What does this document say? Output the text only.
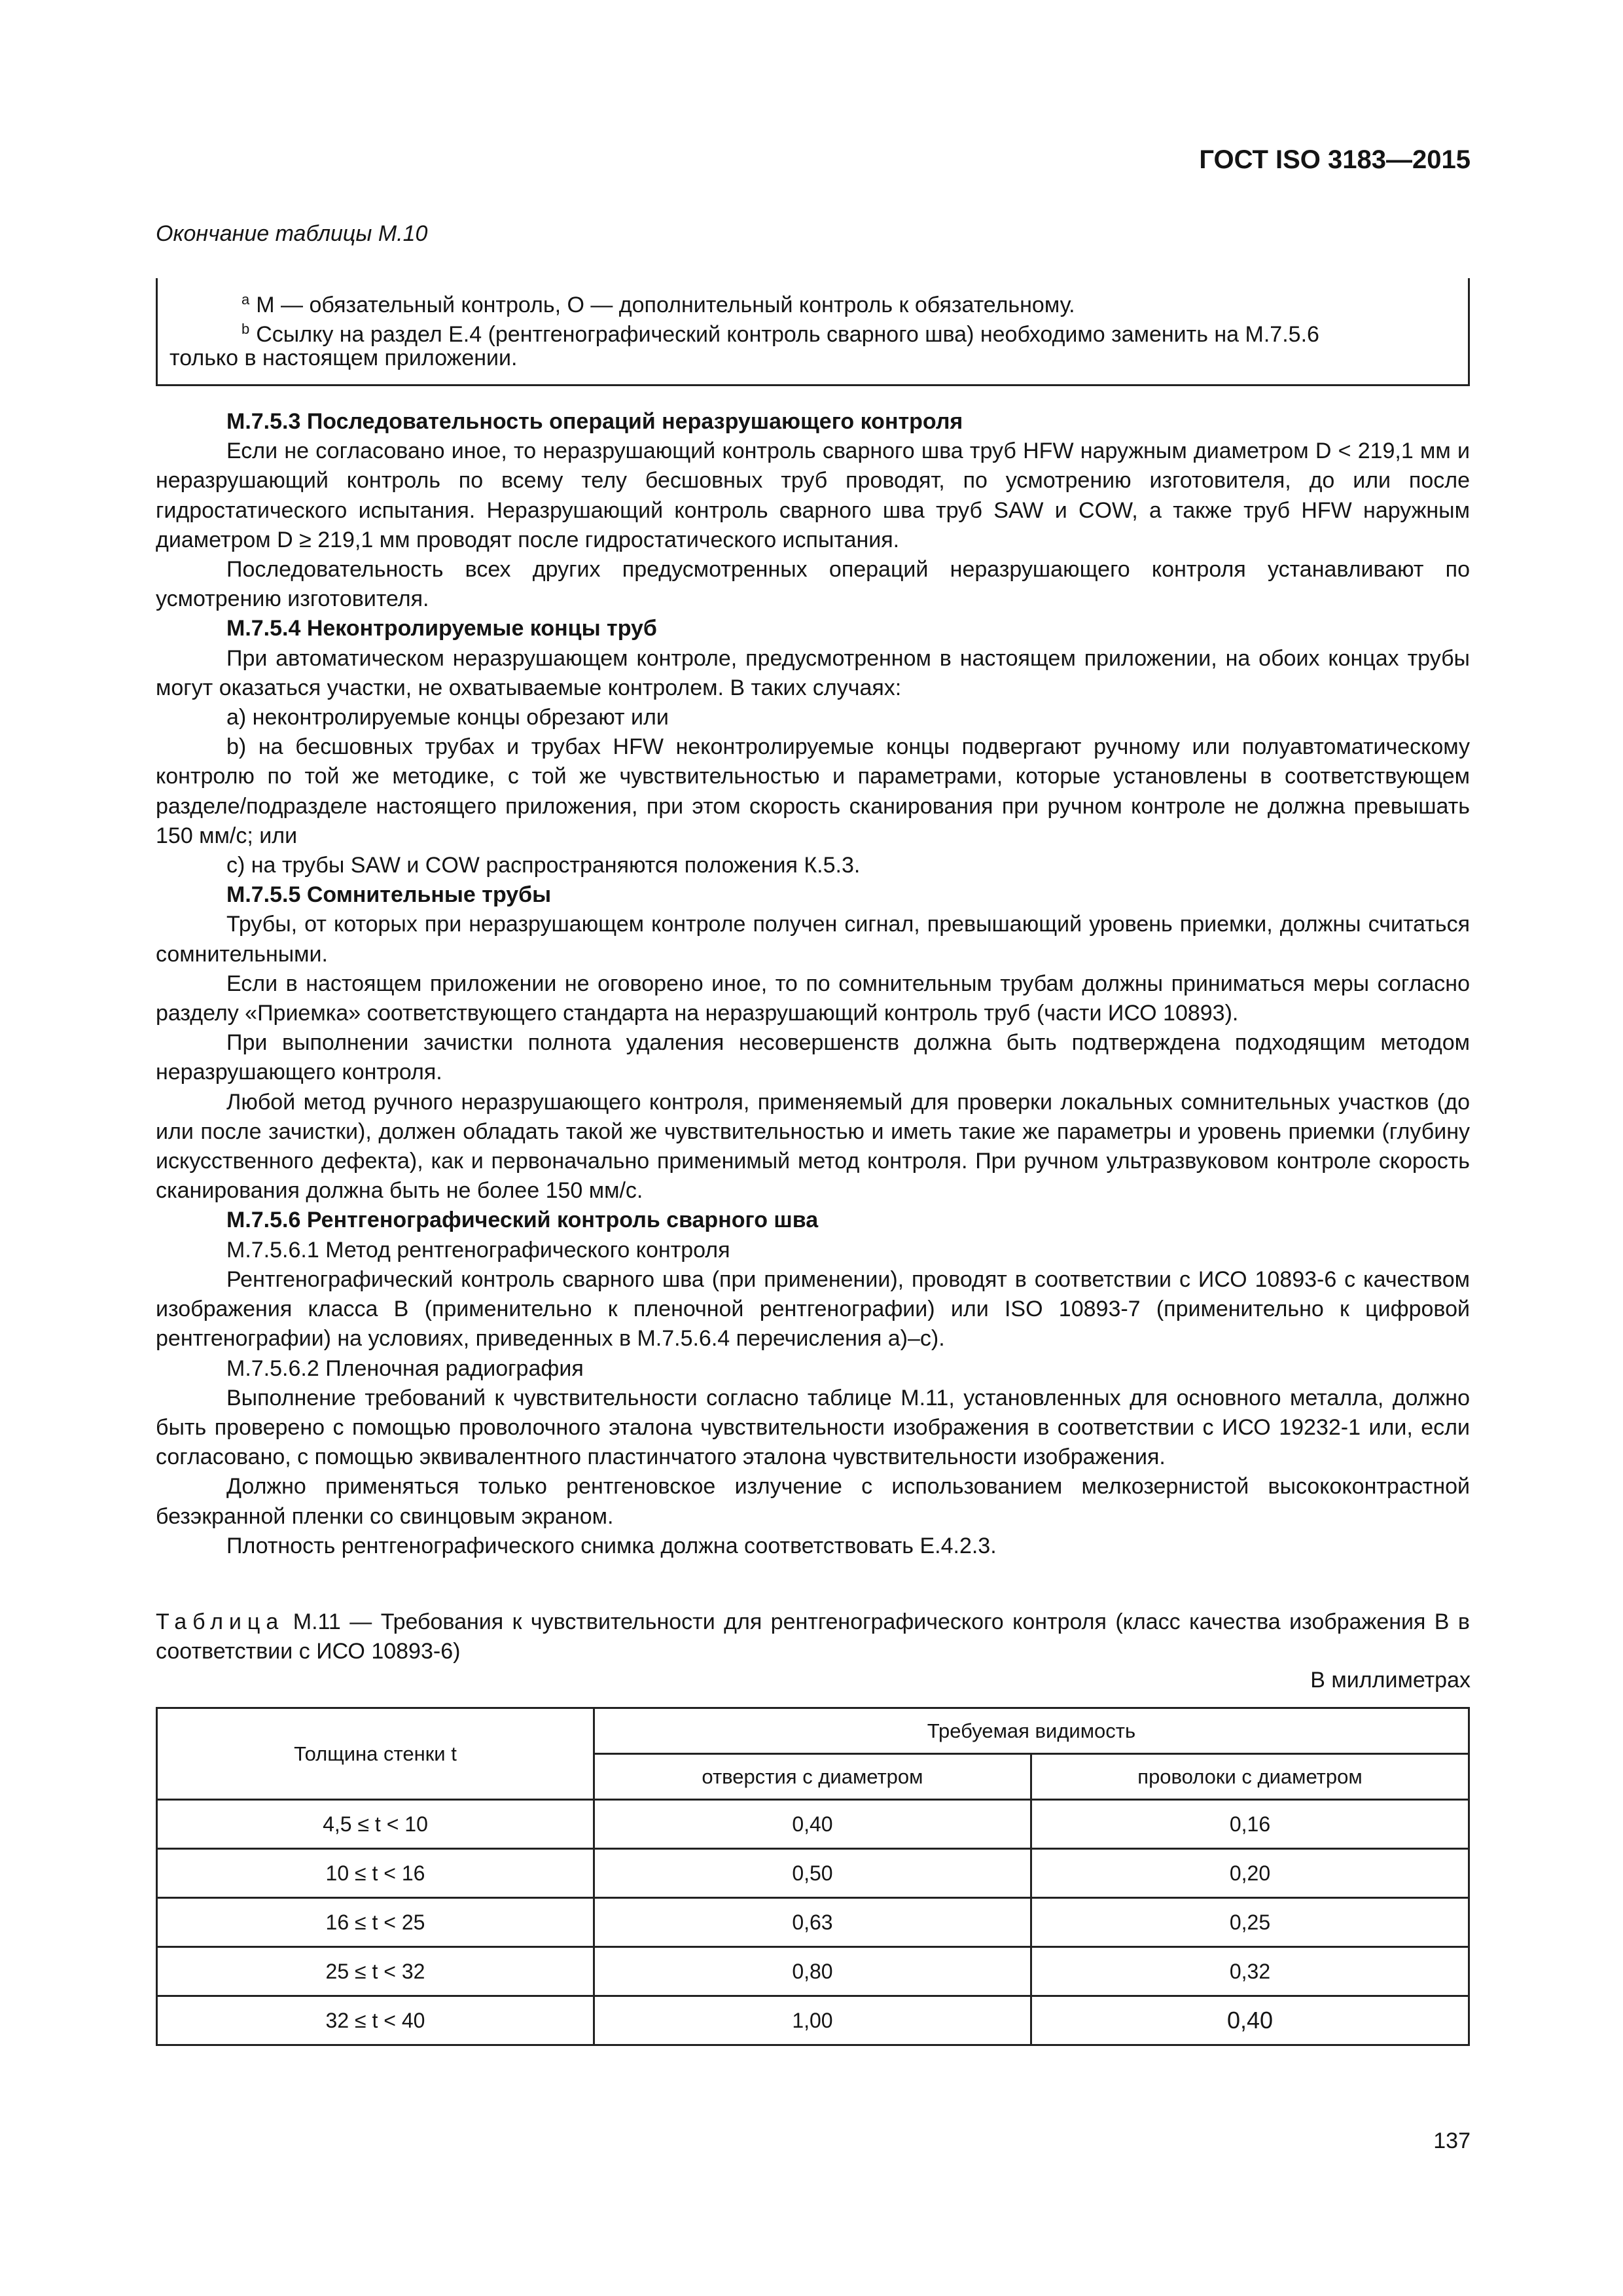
ГОСТ ISO 3183—2015
Окончание таблицы М.10
$^a$ М — обязательный контроль, О — дополнительный контроль к обязательному.
$^b$ Ссылку на раздел Е.4 (рентгенографический контроль сварного шва) необходимо заменить на М.7.5.6
только в настоящем приложении.

М.7.5.3 Последовательность операций неразрушающего контроля

Если не согласовано иное, то неразрушающий контроль сварного шва труб HFW наружным диаметром D < 219,1 мм и неразрушающий контроль по всему телу бесшовных труб проводят, по усмотрению изготовителя, до или после гидростатического испытания. Неразрушающий контроль сварного шва труб SAW и COW, а также труб HFW наружным диаметром D ≥ 219,1 мм проводят после гидростатического испытания.

Последовательность всех других предусмотренных операций неразрушающего контроля устанавливают по усмотрению изготовителя.

М.7.5.4 Неконтролируемые концы труб

При автоматическом неразрушающем контроле, предусмотренном в настоящем приложении, на обоих концах трубы могут оказаться участки, не охватываемые контролем. В таких случаях:

а) неконтролируемые концы обрезают или

b) на бесшовных трубах и трубах HFW неконтролируемые концы подвергают ручному или полуавтоматическому контролю по той же методике, с той же чувствительностью и параметрами, которые установлены в соответствующем разделе/подразделе настоящего приложения, при этом скорость сканирования при ручном контроле не должна превышать 150 мм/с; или

с) на трубы SAW и COW распространяются положения К.5.3.

М.7.5.5 Сомнительные трубы

Трубы, от которых при неразрушающем контроле получен сигнал, превышающий уровень приемки, должны считаться сомнительными.

Если в настоящем приложении не оговорено иное, то по сомнительным трубам должны приниматься меры согласно разделу «Приемка» соответствующего стандарта на неразрушающий контроль труб (части ИСО 10893).

При выполнении зачистки полнота удаления несовершенств должна быть подтверждена подходящим методом неразрушающего контроля.

Любой метод ручного неразрушающего контроля, применяемый для проверки локальных сомнительных участков (до или после зачистки), должен обладать такой же чувствительностью и иметь такие же параметры и уровень приемки (глубину искусственного дефекта), как и первоначально применимый метод контроля. При ручном ультразвуковом контроле скорость сканирования должна быть не более 150 мм/с.

М.7.5.6 Рентгенографический контроль сварного шва

М.7.5.6.1 Метод рентгенографического контроля

Рентгенографический контроль сварного шва (при применении), проводят в соответствии с ИСО 10893-6 с качеством изображения класса В (применительно к пленочной рентгенографии) или ISO 10893-7 (применительно к цифровой рентгенографии) на условиях, приведенных в М.7.5.6.4 перечисления а)–с).

М.7.5.6.2 Пленочная радиография

Выполнение требований к чувствительности согласно таблице М.11, установленных для основного металла, должно быть проверено с помощью проволочного эталона чувствительности изображения в соответствии с ИСО 19232-1 или, если согласовано, с помощью эквивалентного пластинчатого эталона чувствительности изображения.

Должно применяться только рентгеновское излучение с использованием мелкозернистой высококонтрастной безэкранной пленки со свинцовым экраном.

Плотность рентгенографического снимка должна соответствовать Е.4.2.3.

Таблица М.11 — Требования к чувствительности для рентгенографического контроля (класс качества изображения В в соответствии с ИСО 10893-6)
В миллиметрах
Толщина стенки t	Требуемая видимость	
	отверстия с диаметром	проволоки с диаметром
4,5 ≤ t < 10	0,40	0,16
10 ≤ t < 16	0,50	0,20
16 ≤ t < 25	0,63	0,25
25 ≤ t < 32	0,80	0,32
32 ≤ t < 40	1,00	0,40
137
